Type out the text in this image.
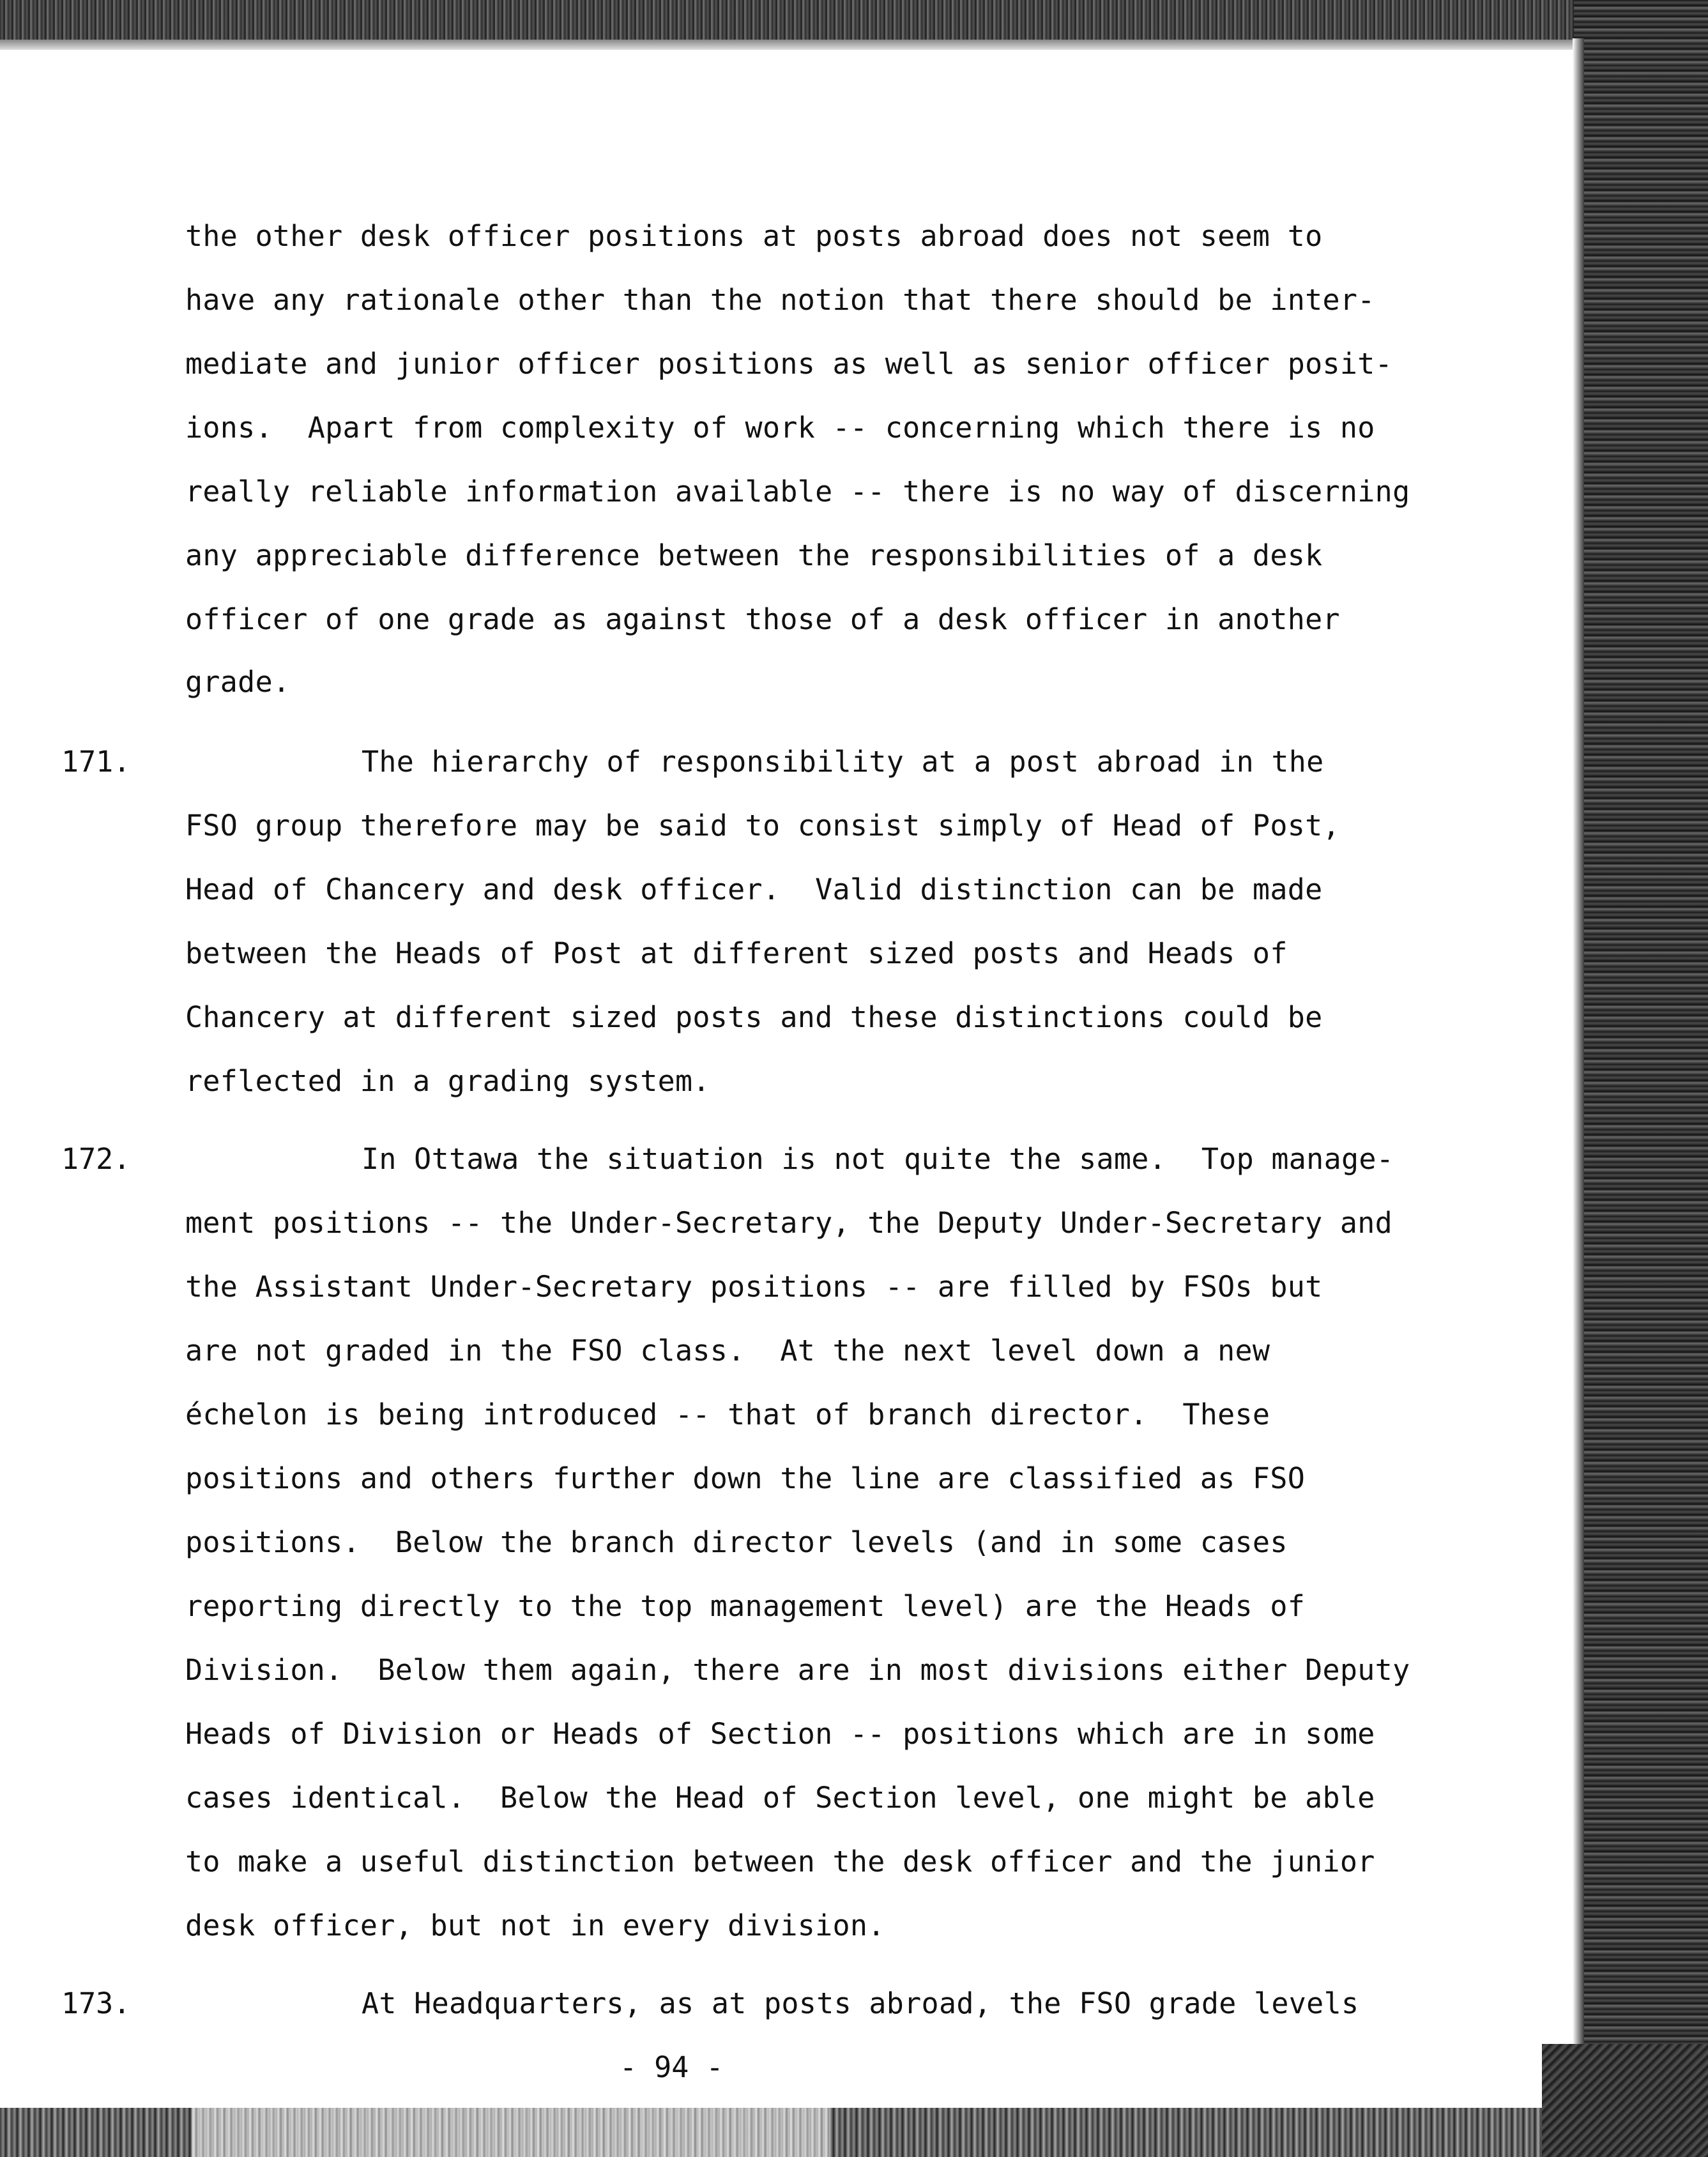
the other desk officer positions at posts abroad does not seem to
have any rationale other than the notion that there should be inter-
mediate and junior officer positions as well as senior officer posit-
ions.  Apart from complexity of work -- concerning which there is no
really reliable information available -- there is no way of discerning
any appreciable difference between the responsibilities of a desk
officer of one grade as against those of a desk officer in another
grade.
171.	The hierarchy of responsibility at a post abroad in the
FSO group therefore may be said to consist simply of Head of Post,
Head of Chancery and desk officer.  Valid distinction can be made
between the Heads of Post at different sized posts and Heads of
Chancery at different sized posts and these distinctions could be
reflected in a grading system.
172.	In Ottawa the situation is not quite the same.  Top manage-
ment positions -- the Under-Secretary, the Deputy Under-Secretary and
the Assistant Under-Secretary positions -- are filled by FSOs but
are not graded in the FSO class.  At the next level down a new
échelon is being introduced -- that of branch director.  These
positions and others further down the line are classified as FSO
positions.  Below the branch director levels (and in some cases
reporting directly to the top management level) are the Heads of
Division.  Below them again, there are in most divisions either Deputy
Heads of Division or Heads of Section -- positions which are in some
cases identical.  Below the Head of Section level, one might be able
to make a useful distinction between the desk officer and the junior
desk officer, but not in every division.
173.	At Headquarters, as at posts abroad, the FSO grade levels
- 94 -
